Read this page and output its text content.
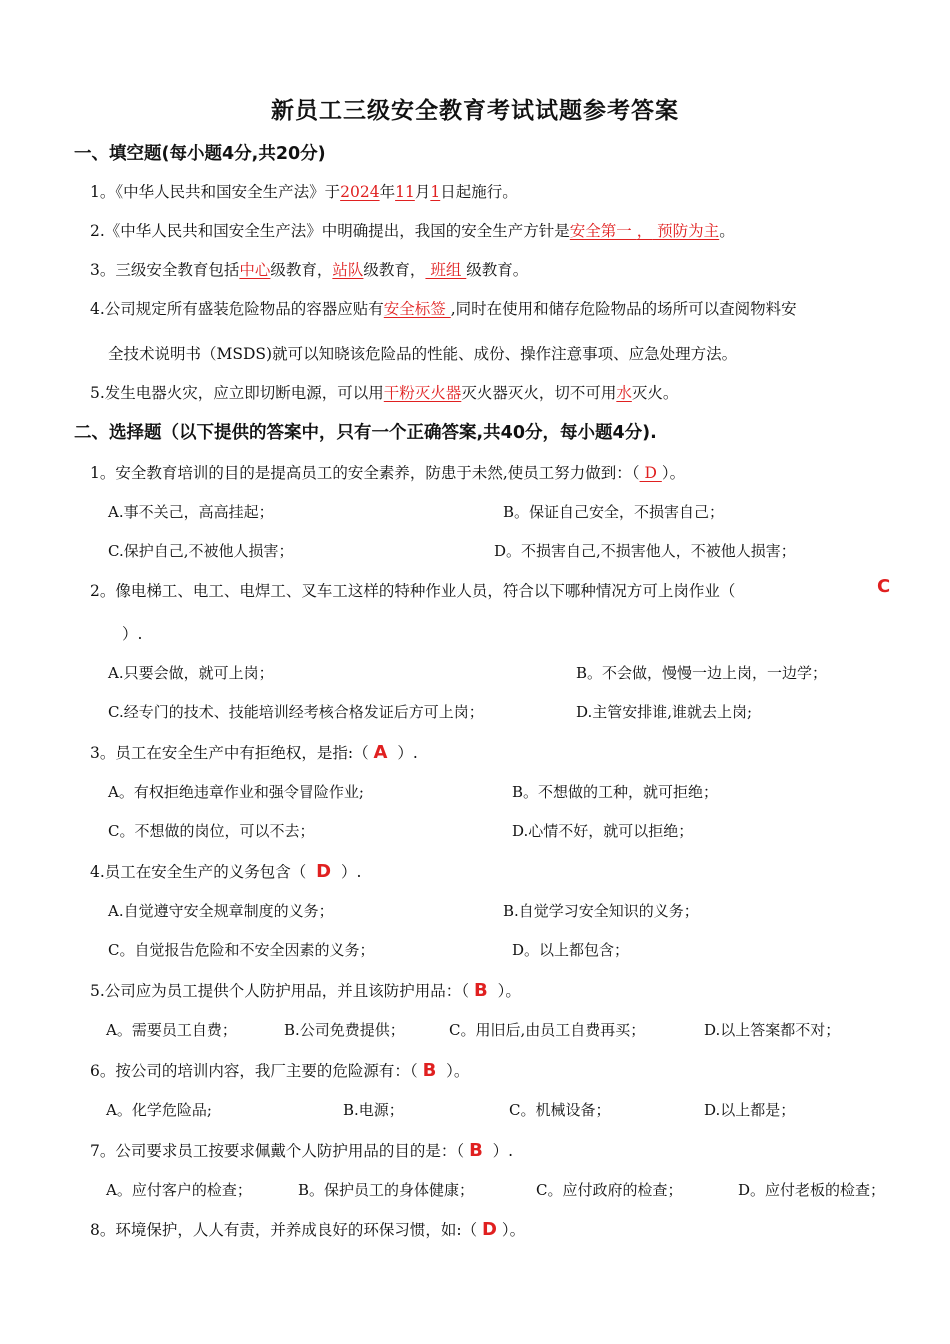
新员工三级安全教育考试试题参考答案
一、填空题(每小题4分,共20分)
1。《中华人民共和国安全生产法》于2024年11月1日起施行。
2.《中华人民共和国安全生产法》中明确提出，我国的安全生产方针是安全第一 ， 预防为主。
3。三级安全教育包括中心级教育，站队级教育， 班组 级教育。
4.公司规定所有盛装危险物品的容器应贴有安全标签 ,同时在使用和储存危险物品的场所可以查阅物料安
全技术说明书（MSDS)就可以知晓该危险品的性能、成份、操作注意事项、应急处理方法。
5.发生电器火灾，应立即切断电源，可以用干粉灭火器灭火器灭火，切不可用水灭火。
二、选择题（以下提供的答案中，只有一个正确答案,共40分，每小题4分).
1。安全教育培训的目的是提高员工的安全素养，防患于未然,使员工努力做到：（ D ）。
A.事不关己，高高挂起；	B。保证自己安全，不损害自己；
C.保护自己,不被他人损害；	D。不损害自己,不损害他人，不被他人损害；
2。像电梯工、电工、电焊工、叉车工这样的特种作业人员，符合以下哪种情况方可上岗作业（	C
）.
A.只要会做，就可上岗；	B。不会做，慢慢一边上岗，一边学；
C.经专门的技术、技能培训经考核合格发证后方可上岗；	D.主管安排谁,谁就去上岗;
3。员工在安全生产中有拒绝权，是指:（ A ）.
A。有权拒绝违章作业和强令冒险作业;	B。不想做的工种，就可拒绝；
C。不想做的岗位，可以不去；	D.心情不好，就可以拒绝；
4.员工在安全生产的义务包含（ D ）.
A.自觉遵守安全规章制度的义务；	B.自觉学习安全知识的义务；
C。自觉报告危险和不安全因素的义务；	D。以上都包含；
5.公司应为员工提供个人防护用品，并且该防护用品：（ B ）。
A。需要员工自费；	B.公司免费提供；	C。用旧后,由员工自费再买；	D.以上答案都不对；
6。按公司的培训内容，我厂主要的危险源有：（ B ）。
A。化学危险品;	B.电源；	C。机械设备；	D.以上都是；
7。公司要求员工按要求佩戴个人防护用品的目的是：（ B ）.
A。应付客户的检查；	B。保护员工的身体健康；	C。应付政府的检查；	D。应付老板的检查；
8。环境保护，人人有责，并养成良好的环保习惯，如:（ D ）。
